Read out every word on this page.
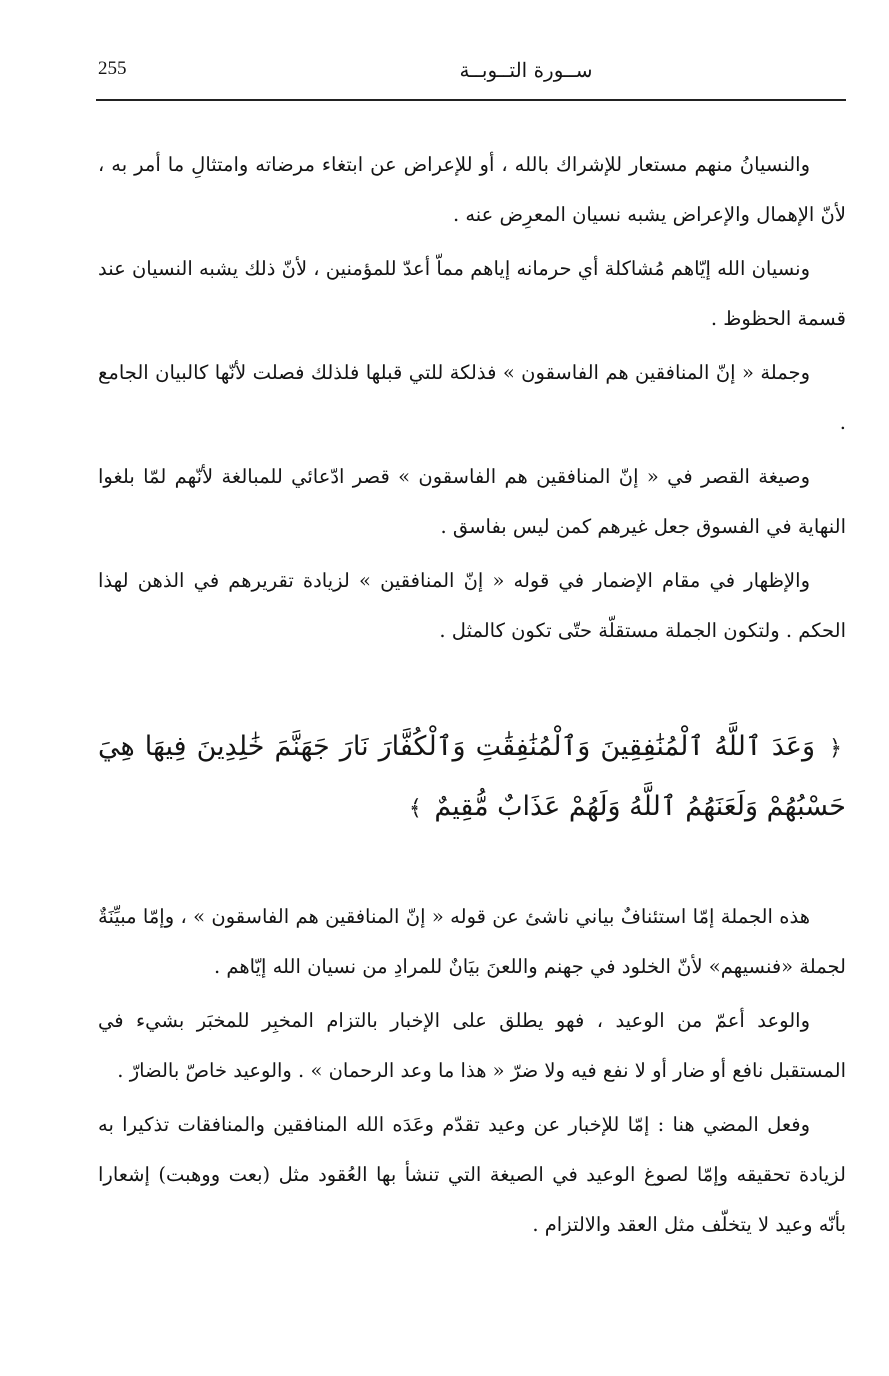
255	ســورة التــوبــة

والنسيانُ منهم مستعار للإشراك بالله ، أو للإعراض عن ابتغاء مرضاته وامتثالِ ما أمر به ، لأنّ الإهمال والإعراض يشبه نسيان المعرِض عنه .

ونسيان الله إيّاهم مُشاكلة أي حرمانه إياهم مماّ أعدّ للمؤمنين ، لأنّ ذلك يشبه النسيان عند قسمة الحظوظ .

وجملة « إنّ المنافقين هم الفاسقون » فذلكة للتي قبلها فلذلك فصلت لأنّها كالبيان الجامع .

وصيغة القصر في « إنّ المنافقين هم الفاسقون » قصر ادّعائي للمبالغة لأنّهم لمّا بلغوا النهاية في الفسوق جعل غيرهم كمن ليس بفاسق .

والإظهار في مقام الإضمار في قوله « إنّ المنافقين » لزيادة تقريرهم في الذهن لهذا الحكم . ولتكون الجملة مستقلّة حتّى تكون كالمثل .

﴿ وَعَدَ ٱللَّهُ ٱلْمُنَٰفِقِينَ وَٱلْمُنَٰفِقَٰتِ وَٱلْكُفَّارَ نَارَ جَهَنَّمَ خَٰلِدِينَ فِيهَا هِيَ حَسْبُهُمْ وَلَعَنَهُمُ ٱللَّهُ وَلَهُمْ عَذَابٌ مُّقِيمٌ ﴾

هذه الجملة إمّا استئنافٌ بياني ناشئ عن قوله « إنّ المنافقين هم الفاسقون » ، وإمّا مبيِّنَةٌ لجملة «فنسيهم» لأنّ الخلود في جهنم واللعنَ بيَانٌ للمرادِ من نسيان الله إيّاهم .

والوعد أعمّ من الوعيد ، فهو يطلق على الإخبار بالتزام المخبِر للمخبَر بشيء في المستقبل نافع أو ضار أو لا نفع فيه ولا ضرّ « هذا ما وعد الرحمان » . والوعيد خاصّ بالضارّ .

وفعل المضي هنا : إمّا للإخبار عن وعيد تقدّم وعَدَه الله المنافقين والمنافقات تذكيرا به لزيادة تحقيقه وإمّا لصوغ الوعيد في الصيغة التي تنشأ بها العُقود مثل (بعت ووهبت) إشعارا بأنّه وعيد لا يتخلّف مثل العقد والالتزام .
